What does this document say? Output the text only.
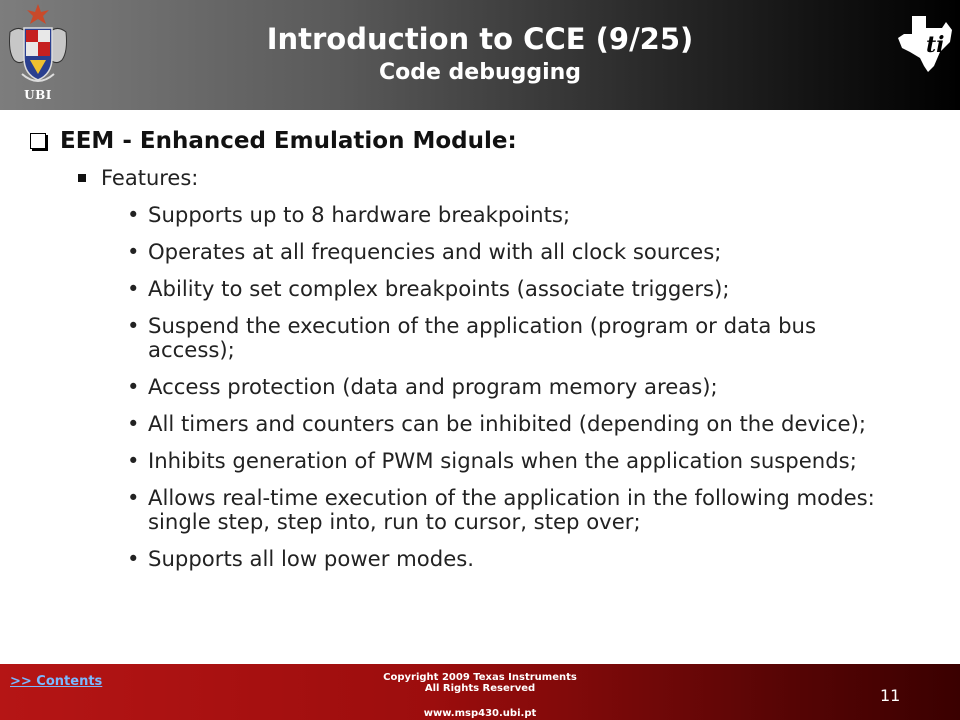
UBI
Introduction to CCE (9/25)
Code debugging
ti
EEM - Enhanced Emulation Module:
Features:
• Supports up to 8 hardware breakpoints;
• Operates at all frequencies and with all clock sources;
• Ability to set complex breakpoints (associate triggers);
• Suspend the execution of the application (program or data bus access);
• Access protection (data and program memory areas);
• All timers and counters can be inhibited (depending on the device);
• Inhibits generation of PWM signals when the application suspends;
• Allows real-time execution of the application in the following modes: single step, step into, run to cursor, step over;
• Supports all low power modes.
>> Contents	Copyright 2009 Texas Instruments
All Rights Reserved
www.msp430.ubi.pt
11
